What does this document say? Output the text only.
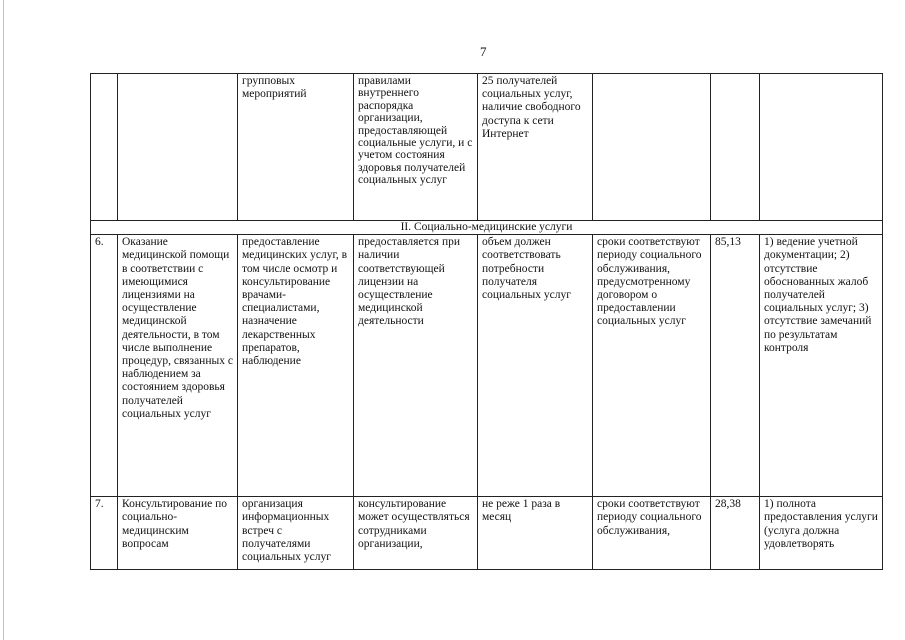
7
		групповых мероприятий	правилами внутреннего распорядка организации, предоставляющей социальные услуги, и с учетом состояния здоровья получателей социальных услуг	25 получателей социальных услуг, наличие свободного доступа к сети Интернет			
II. Социально-медицинские услуги							
6.	Оказание медицинской помощи в соответствии с имеющимися лицензиями на осуществление медицинской деятельности, в том числе выполнение процедур, связанных с наблюдением за состоянием здоровья получателей социальных услуг	предоставление медицинских услуг, в том числе осмотр и консультирование врачами-специалистами, назначение лекарственных препаратов, наблюдение	предоставляется при наличии соответствующей лицензии на осуществление медицинской деятельности	объем должен соответствовать потребности получателя социальных услуг	сроки соответствуют периоду социального обслуживания, предусмотренному договором о предоставлении социальных услуг	85,13	1) ведение учетной документации; 2) отсутствие обоснованных жалоб получателей социальных услуг; 3) отсутствие замечаний по результатам контроля
7.	Консультирование по социально-медицинским вопросам	организация информационных встреч с получателями социальных услуг	консультирование может осуществляться сотрудниками организации,	не реже 1 раза в месяц	сроки соответствуют периоду социального обслуживания,	28,38	1) полнота предоставления услуги (услуга должна удовлетворять
